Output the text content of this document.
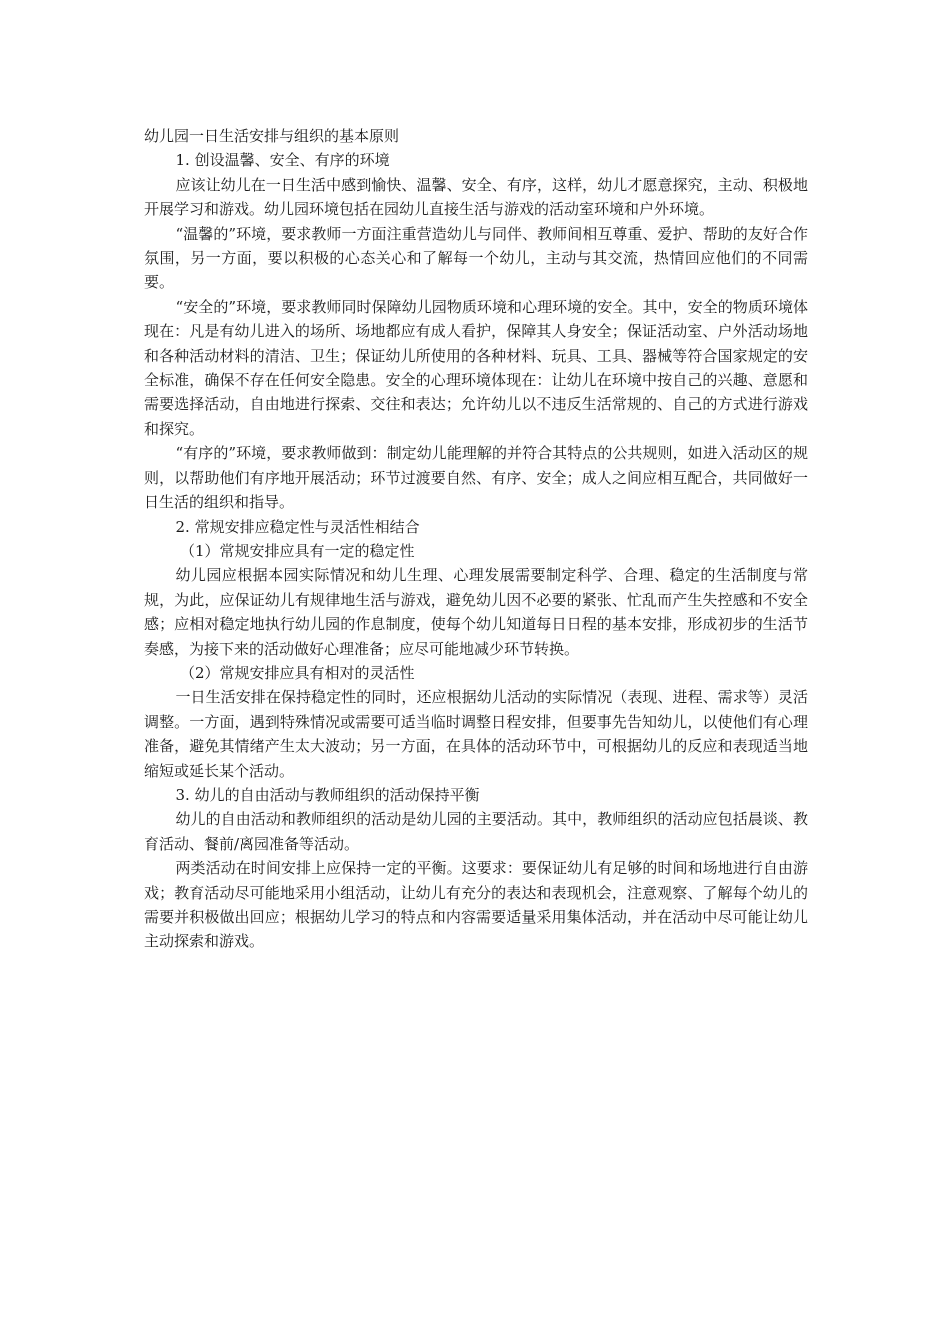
幼儿园一日生活安排与组织的基本原则

1. 创设温馨、安全、有序的环境

应该让幼儿在一日生活中感到愉快、温馨、安全、有序，这样，幼儿才愿意探究，主动、积极地开展学习和游戏。幼儿园环境包括在园幼儿直接生活与游戏的活动室环境和户外环境。

“温馨的”环境，要求教师一方面注重营造幼儿与同伴、教师间相互尊重、爱护、帮助的友好合作氛围，另一方面，要以积极的心态关心和了解每一个幼儿，主动与其交流，热情回应他们的不同需要。

“安全的”环境，要求教师同时保障幼儿园物质环境和心理环境的安全。其中，安全的物质环境体现在：凡是有幼儿进入的场所、场地都应有成人看护，保障其人身安全；保证活动室、户外活动场地和各种活动材料的清洁、卫生；保证幼儿所使用的各种材料、玩具、工具、器械等符合国家规定的安全标准，确保不存在任何安全隐患。安全的心理环境体现在：让幼儿在环境中按自己的兴趣、意愿和需要选择活动，自由地进行探索、交往和表达；允许幼儿以不违反生活常规的、自己的方式进行游戏和探究。

“有序的”环境，要求教师做到：制定幼儿能理解的并符合其特点的公共规则，如进入活动区的规则，以帮助他们有序地开展活动；环节过渡要自然、有序、安全；成人之间应相互配合，共同做好一日生活的组织和指导。

2. 常规安排应稳定性与灵活性相结合

（1）常规安排应具有一定的稳定性

幼儿园应根据本园实际情况和幼儿生理、心理发展需要制定科学、合理、稳定的生活制度与常规，为此，应保证幼儿有规律地生活与游戏，避免幼儿因不必要的紧张、忙乱而产生失控感和不安全感；应相对稳定地执行幼儿园的作息制度，使每个幼儿知道每日日程的基本安排，形成初步的生活节奏感，为接下来的活动做好心理准备；应尽可能地减少环节转换。

（2）常规安排应具有相对的灵活性

一日生活安排在保持稳定性的同时，还应根据幼儿活动的实际情况（表现、进程、需求等）灵活调整。一方面，遇到特殊情况或需要可适当临时调整日程安排，但要事先告知幼儿，以使他们有心理准备，避免其情绪产生太大波动；另一方面，在具体的活动环节中，可根据幼儿的反应和表现适当地缩短或延长某个活动。

3. 幼儿的自由活动与教师组织的活动保持平衡

幼儿的自由活动和教师组织的活动是幼儿园的主要活动。其中，教师组织的活动应包括晨谈、教育活动、餐前/离园准备等活动。

两类活动在时间安排上应保持一定的平衡。这要求：要保证幼儿有足够的时间和场地进行自由游戏；教育活动尽可能地采用小组活动，让幼儿有充分的表达和表现机会，注意观察、了解每个幼儿的需要并积极做出回应；根据幼儿学习的特点和内容需要适量采用集体活动，并在活动中尽可能让幼儿主动探索和游戏。
